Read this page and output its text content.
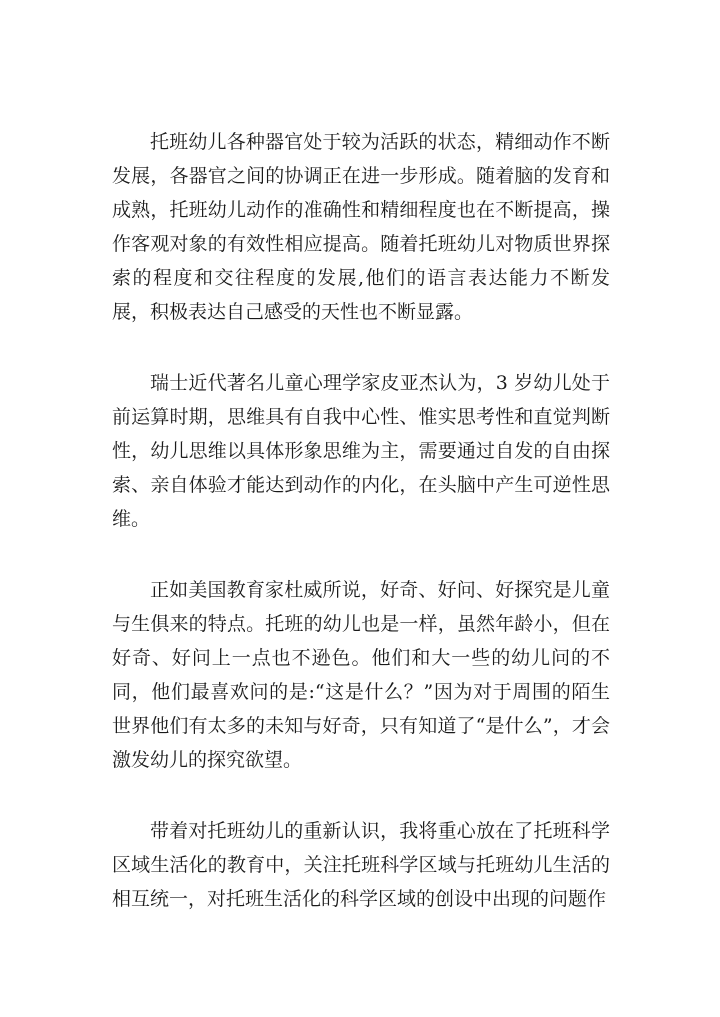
托班幼儿各种器官处于较为活跃的状态，精细动作不断发展，各器官之间的协调正在进一步形成。随着脑的发育和成熟，托班幼儿动作的准确性和精细程度也在不断提高，操作客观对象的有效性相应提高。随着托班幼儿对物质世界探索的程度和交往程度的发展,他们的语言表达能力不断发展，积极表达自己感受的天性也不断显露。

瑞士近代著名儿童心理学家皮亚杰认为，3 岁幼儿处于前运算时期，思维具有自我中心性、惟实思考性和直觉判断性，幼儿思维以具体形象思维为主，需要通过自发的自由探索、亲自体验才能达到动作的内化，在头脑中产生可逆性思维。

正如美国教育家杜威所说，好奇、好问、好探究是儿童与生俱来的特点。托班的幼儿也是一样，虽然年龄小，但在好奇、好问上一点也不逊色。他们和大一些的幼儿问的不同，他们最喜欢问的是:“这是什么？”因为对于周围的陌生世界他们有太多的未知与好奇，只有知道了“是什么”，才会激发幼儿的探究欲望。

带着对托班幼儿的重新认识，我将重心放在了托班科学区域生活化的教育中，关注托班科学区域与托班幼儿生活的相互统一，对托班生活化的科学区域的创设中出现的问题作
